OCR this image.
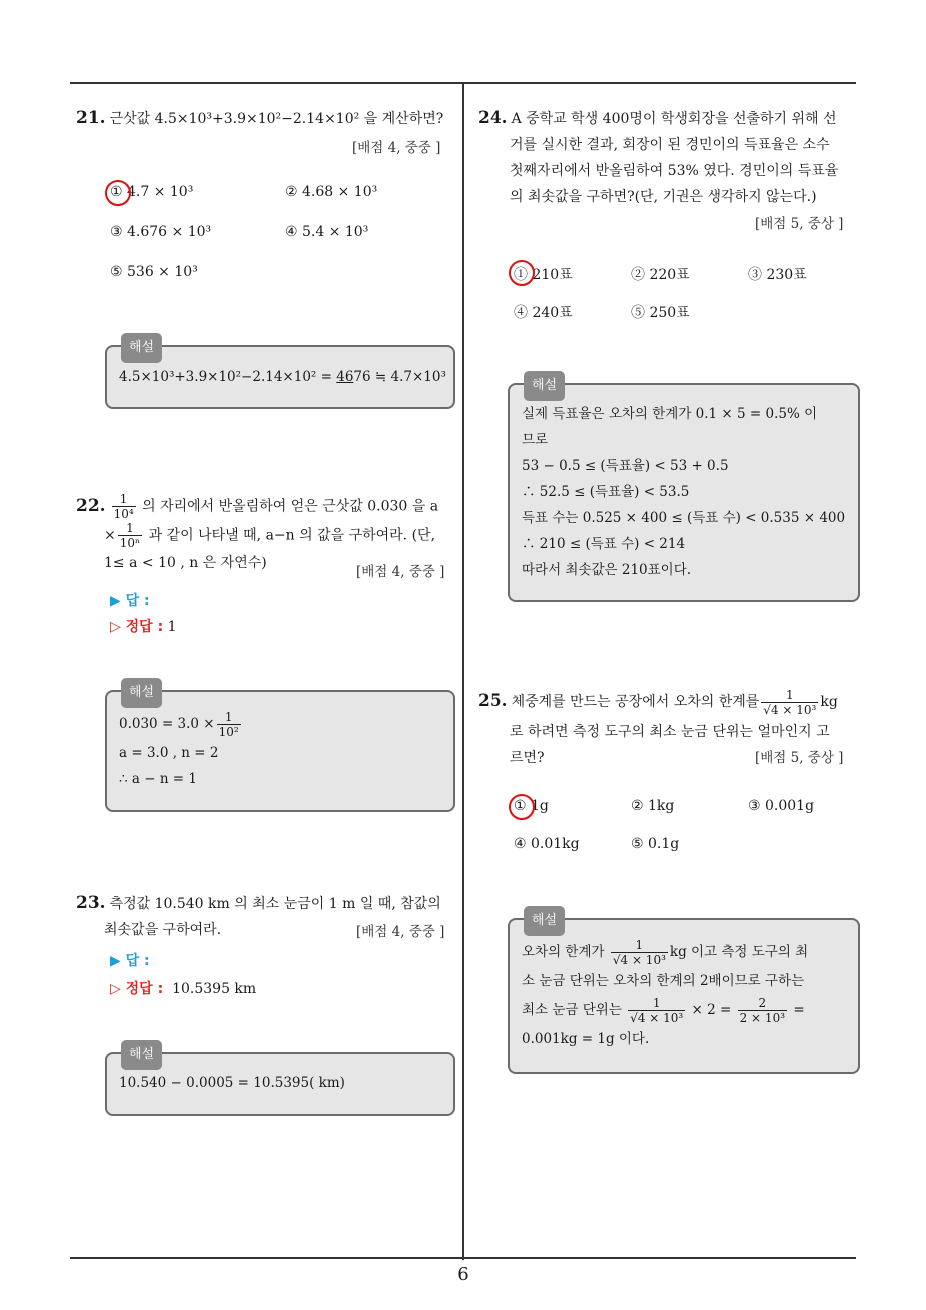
6
21. 근삿값 4.5×10³+3.9×10²−2.14×10² 을 계산하면?
[배점 4, 중중 ]
① 4.7 × 10³	② 4.68 × 10³
③ 4.676 × 10³	④ 5.4 × 10³
⑤ 536 × 10³
해설
4.5×10³+3.9×10²−2.14×10² = 4676 ≒ 4.7×10³
22. $\frac{1}{\text{10⁴}}$ 의 자리에서 반올림하여 얻은 근삿값 0.030 을 a
× $\frac{1}{\text{10ⁿ}}$ 과 같이 나타낼 때, a−n 의 값을 구하여라. (단,
1≤ a < 10 , n 은 자연수)
[배점 4, 중중 ]
▶ 답 :
▷ 정답 : 1
해설
$0.030 = 3.0 \times \frac{1}{\text{10²}}$
a = 3.0 , n = 2
∴ a − n = 1
23. 측정값 10.540 km 의 최소 눈금이 1 m 일 때, 참값의
최솟값을 구하여라.	[배점 4, 중중 ]
▶ 답 :
▷ 정답 : 10.5395 km
해설
10.540 − 0.0005 = 10.5395( km)
24. A 중학교 학생 400명이 학생회장을 선출하기 위해 선
거를 실시한 결과, 회장이 된 경민이의 득표율은 소수
첫째자리에서 반올림하여 53% 였다. 경민이의 득표율
의 최솟값을 구하면?(단, 기권은 생각하지 않는다.)
[배점 5, 중상 ]
① 210표	② 220표	③ 230표
④ 240표	⑤ 250표
해설
실제 득표율은 오차의 한계가 0.1 × 5 = 0.5% 이
므로
53 − 0.5 ≤ (득표율) < 53 + 0.5
∴ 52.5 ≤ (득표율) < 53.5
득표 수는 0.525 × 400 ≤ (득표 수) < 0.535 × 400
∴ 210 ≤ (득표 수) < 214
따라서 최솟값은 210표이다.
25. 체중계를 만드는 공장에서 오차의 한계를 $\frac{1}{\text{√4 × 10³}}$ kg
로 하려면 측정 도구의 최소 눈금 단위는 얼마인지 고
르면?	[배점 5, 중상 ]
① 1g	② 1kg	③ 0.001g
④ 0.01kg	⑤ 0.1g
해설
오차의 한계가 $\frac{1}{\text{√4 × 10³}}$ kg 이고 측정 도구의 최
소 눈금 단위는 오차의 한계의 2배이므로 구하는
최소 눈금 단위는 $\frac{1}{\text{√4 × 10³}} \times 2 = \frac{2}{\text{2 × 10³}}$ =
0.001kg = 1g 이다.
